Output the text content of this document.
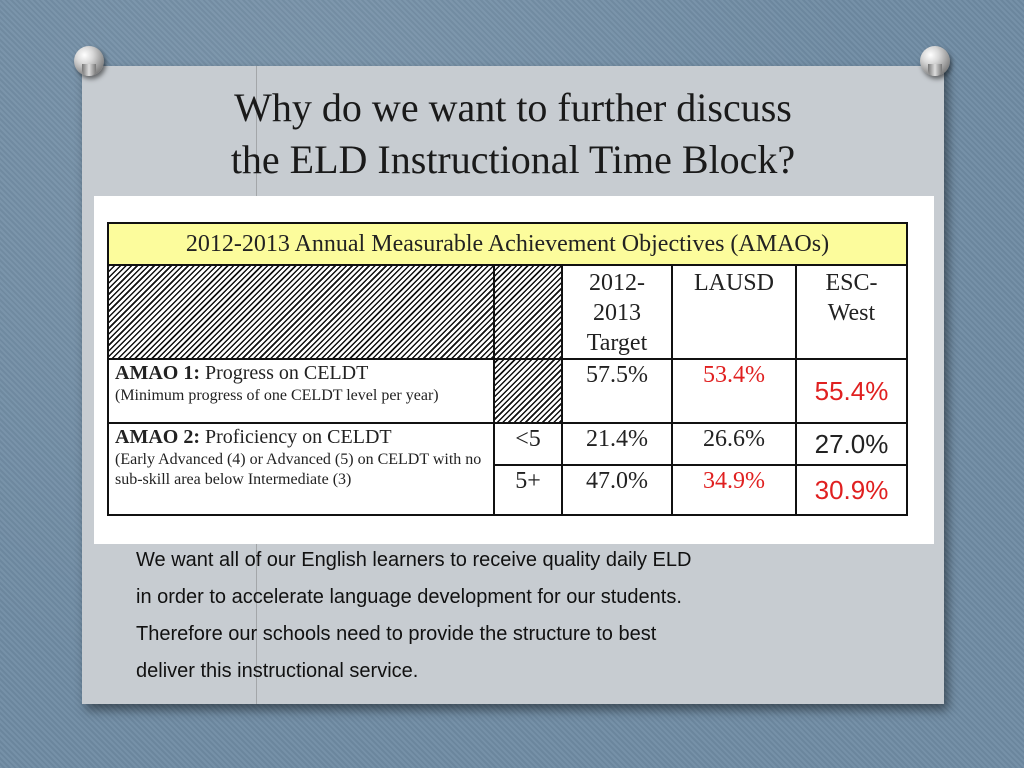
Why do we want to further discuss
the ELD Instructional Time Block?
2012-2013 Annual Measurable Achievement Objectives (AMAOs)				
		2012-2013 Target	LAUSD	ESC-West
AMAO 1: Progress on CELDT
(Minimum progress of one CELDT level per year)		57.5%	53.4%	55.4%
AMAO 2: Proficiency on CELDT
(Early Advanced (4) or Advanced (5) on CELDT with no sub-skill area below Intermediate (3)	<5	21.4%	26.6%	27.0%
	5+	47.0%	34.9%	30.9%
We want all of our English learners to receive quality daily ELD
in order to accelerate language development for our students.
Therefore our schools need to provide the structure to best
deliver this instructional service.
